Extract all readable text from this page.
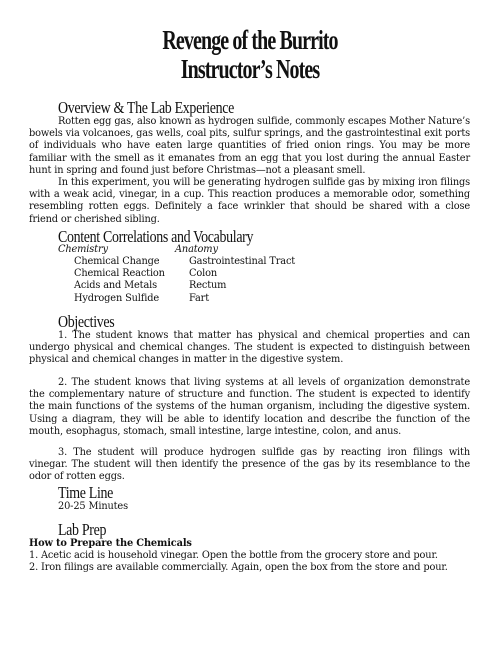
Revenge of the Burrito
Instructor’s Notes
Overview & The Lab Experience

Rotten egg gas, also known as hydrogen sulfide, commonly escapes Mother Nature’s bowels via volcanoes, gas wells, coal pits, sulfur springs, and the gastrointestinal exit ports of individuals who have eaten large quantities of fried onion rings. You may be more familiar with the smell as it emanates from an egg that you lost during the annual Easter hunt in spring and found just before Christmas—not a pleasant smell.

In this experiment, you will be generating hydrogen sulfide gas by mixing iron filings with a weak acid, vinegar, in a cup. This reaction produces a memorable odor, something resembling rotten eggs. Definitely a face wrinkler that should be shared with a close friend or cherished sibling.

Content Correlations and Vocabulary
Chemistry	Anatomy
Chemical Change
Chemical Reaction
Acids and Metals
Hydrogen Sulfide
Gastrointestinal Tract
Colon
Rectum
Fart
Objectives

1. The student knows that matter has physical and chemical properties and can undergo physical and chemical changes. The student is expected to distinguish between physical and chemical changes in matter in the digestive system.

2. The student knows that living systems at all levels of organization demonstrate the complementary nature of structure and function. The student is expected to identify the main functions of the systems of the human organism, including the digestive system. Using a diagram, they will be able to identify location and describe the function of the mouth, esophagus, stomach, small intestine, large intestine, colon, and anus.

3. The student will produce hydrogen sulfide gas by reacting iron filings with vinegar. The student will then identify the presence of the gas by its resemblance to the odor of rotten eggs.

Time Line
20-25 Minutes
Lab Prep
How to Prepare the Chemicals
1. Acetic acid is household vinegar. Open the bottle from the grocery store and pour.
2. Iron filings are available commercially. Again, open the box from the store and pour.
